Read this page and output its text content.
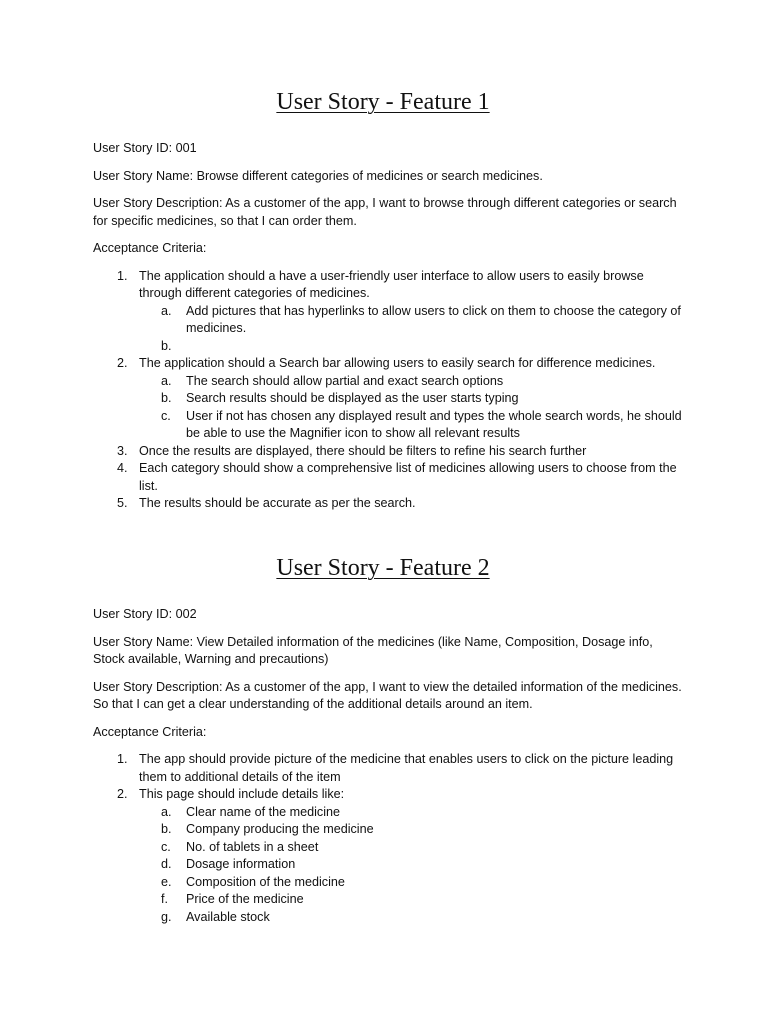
User Story - Feature 1

User Story ID: 001

User Story Name: Browse different categories of medicines or search medicines.

User Story Description: As a customer of the app, I want to browse through different categories or search for specific medicines, so that I can order them.

Acceptance Criteria:

1. The application should a have a user-friendly user interface to allow users to easily browse through different categories of medicines.
a. Add pictures that has hyperlinks to allow users to click on them to choose the category of medicines.
b.

2. The application should a Search bar allowing users to easily search for difference medicines.
a. The search should allow partial and exact search options
b. Search results should be displayed as the user starts typing
c. User if not has chosen any displayed result and types the whole search words, he should be able to use the Magnifier icon to show all relevant results
3. Once the results are displayed, there should be filters to refine his search further
4. Each category should show a comprehensive list of medicines allowing users to choose from the list.
5. The results should be accurate as per the search.
User Story - Feature 2

User Story ID: 002

User Story Name: View Detailed information of the medicines (like Name, Composition, Dosage info, Stock available, Warning and precautions)

User Story Description: As a customer of the app, I want to view the detailed information of the medicines. So that I can get a clear understanding of the additional details around an item.

Acceptance Criteria:

1. The app should provide picture of the medicine that enables users to click on the picture leading them to additional details of the item
2. This page should include details like:
a. Clear name of the medicine
b. Company producing the medicine
c. No. of tablets in a sheet
d. Dosage information
e. Composition of the medicine
f. Price of the medicine
g. Available stock
